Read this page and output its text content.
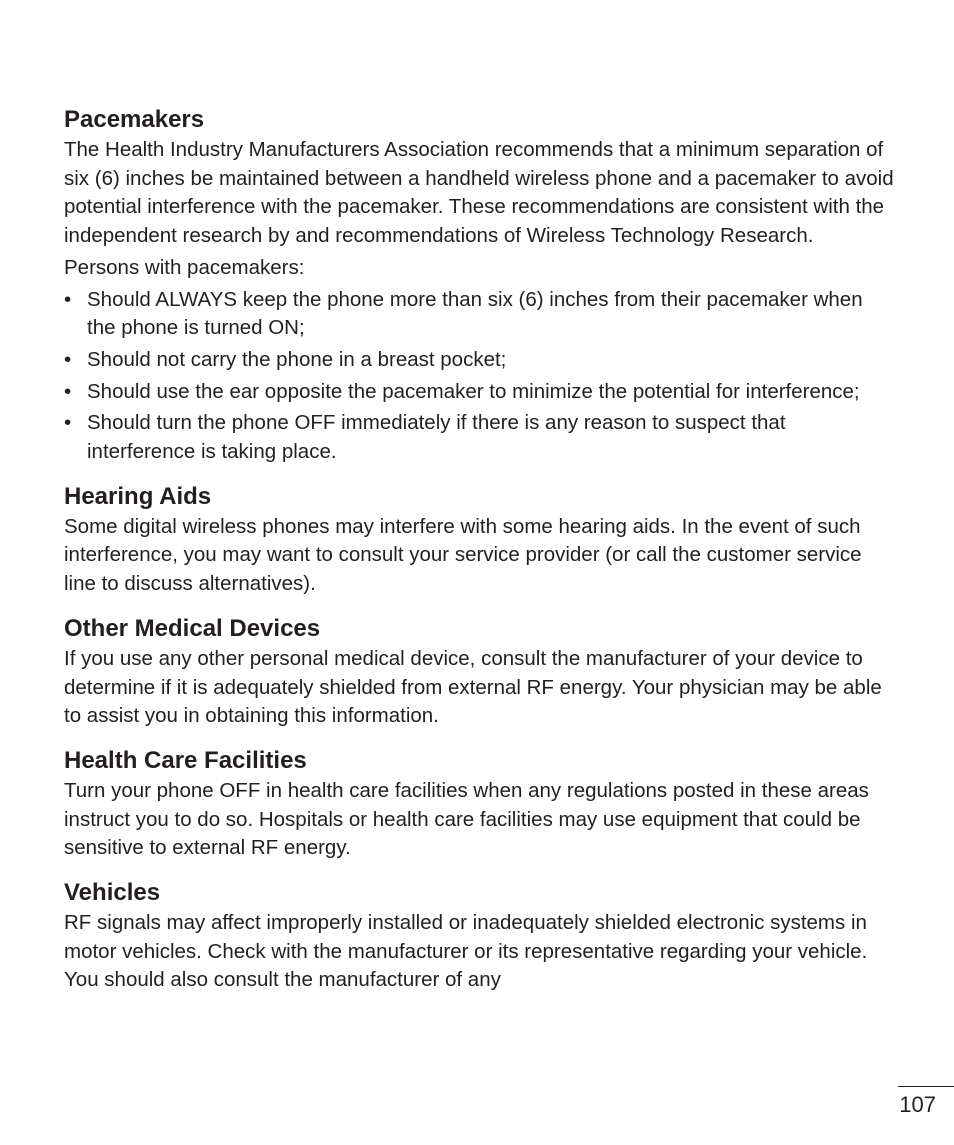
Pacemakers

The Health Industry Manufacturers Association recommends that a minimum separation of six (6) inches be maintained between a handheld wireless phone and a pacemaker to avoid potential interference with the pacemaker. These recommendations are consistent with the independent research by and recommendations of Wireless Technology Research.

Persons with pacemakers:

• Should ALWAYS keep the phone more than six (6) inches from their pacemaker when the phone is turned ON;
• Should not carry the phone in a breast pocket;
• Should use the ear opposite the pacemaker to minimize the potential for interference;
• Should turn the phone OFF immediately if there is any reason to suspect that interference is taking place.
Hearing Aids

Some digital wireless phones may interfere with some hearing aids. In the event of such interference, you may want to consult your service provider (or call the customer service line to discuss alternatives).

Other Medical Devices

If you use any other personal medical device, consult the manufacturer of your device to determine if it is adequately shielded from external RF energy. Your physician may be able to assist you in obtaining this information.

Health Care Facilities

Turn your phone OFF in health care facilities when any regulations posted in these areas instruct you to do so. Hospitals or health care facilities may use equipment that could be sensitive to external RF energy.

Vehicles

RF signals may affect improperly installed or inadequately shielded electronic systems in motor vehicles. Check with the manufacturer or its representative regarding your vehicle. You should also consult the manufacturer of any

107
